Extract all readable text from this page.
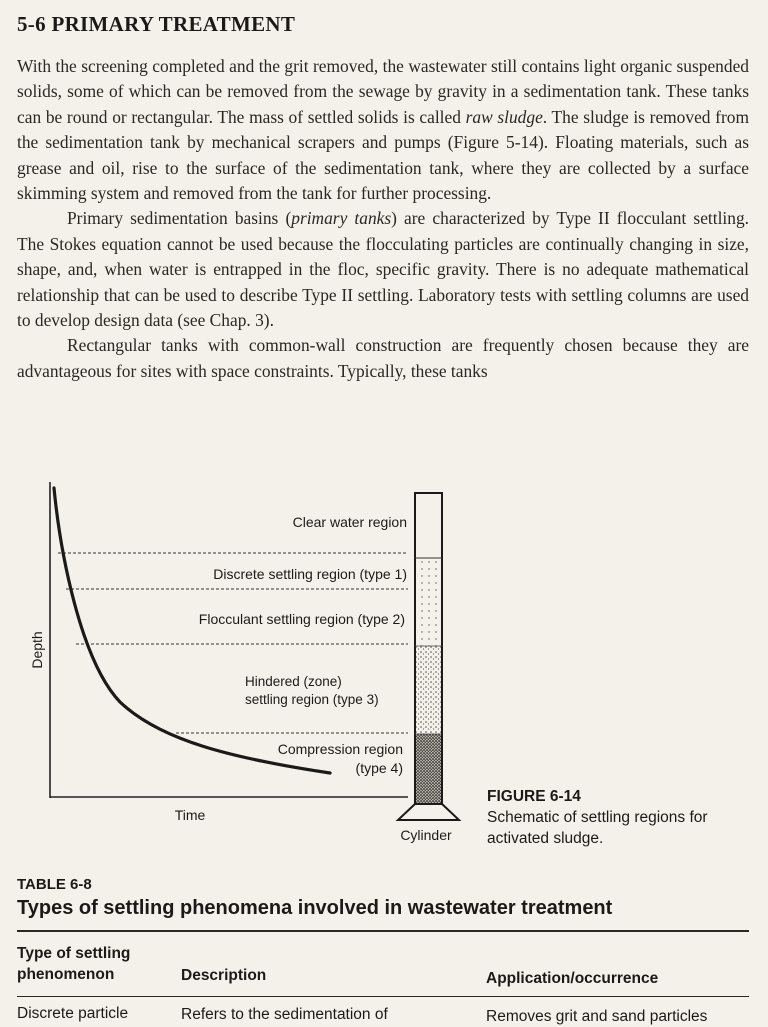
5-6 PRIMARY TREATMENT

With the screening completed and the grit removed, the wastewater still contains light organic suspended solids, some of which can be removed from the sewage by gravity in a sedimentation tank. These tanks can be round or rectangular. The mass of settled solids is called raw sludge. The sludge is removed from the sedimentation tank by mechanical scrapers and pumps (Figure 5-14). Floating materials, such as grease and oil, rise to the surface of the sedimentation tank, where they are collected by a surface skimming system and removed from the tank for further processing.

Primary sedimentation basins (primary tanks) are characterized by Type II flocculant settling. The Stokes equation cannot be used because the flocculating particles are continually changing in size, shape, and, when water is entrapped in the floc, specific gravity. There is no adequate mathematical relationship that can be used to describe Type II settling. Laboratory tests with settling columns are used to develop design data (see Chap. 3).

Rectangular tanks with common-wall construction are frequently chosen because they are advantageous for sites with space constraints. Typically, these tanks

Clear water region
Discrete settling region (type 1)
Flocculant settling region (type 2)
Hindered (zone)
settling region (type 3)
Compression region
(type 4)
Depth
Time
Cylinder
FIGURE 6-14
Schematic of settling regions for activated sludge.
TABLE 6-8
Types of settling phenomena involved in wastewater treatment
Type of settling phenomenon	Description	Application/occurrence
Discrete particle	Refers to the sedimentation of	Removes grit and sand particles
